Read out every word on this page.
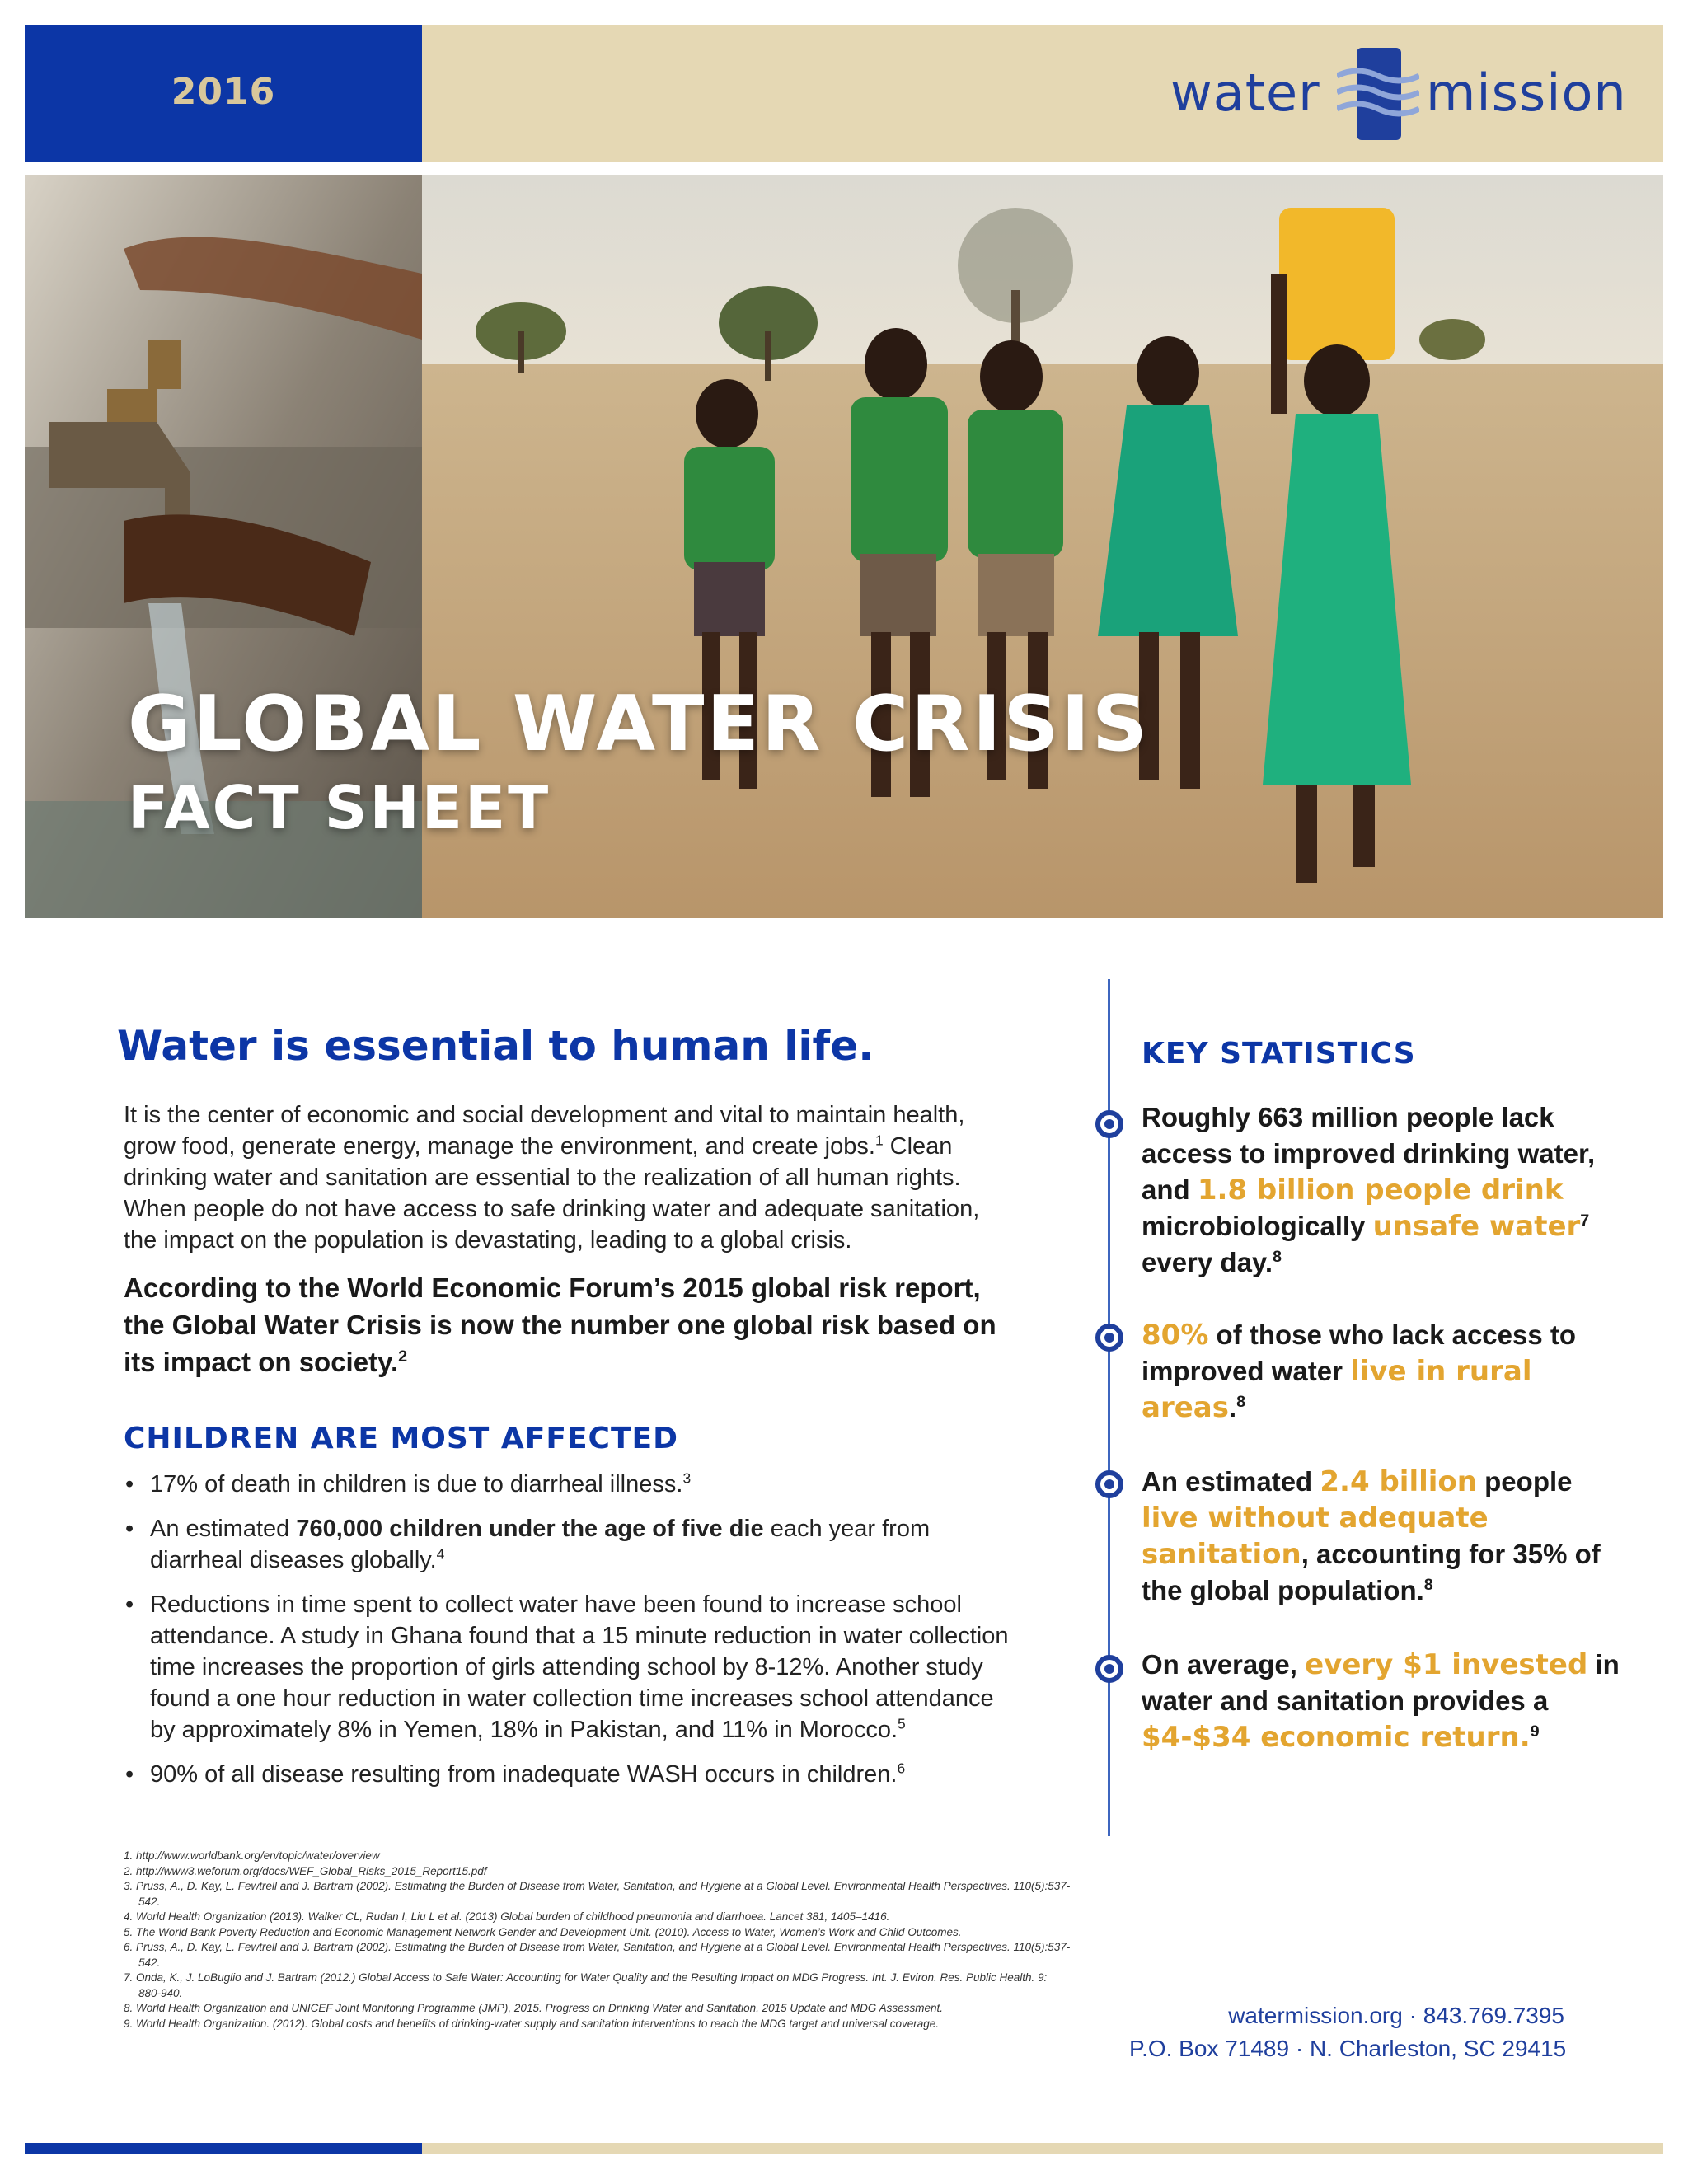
2016	water mission
GLOBAL WATER CRISIS
FACT SHEET
Water is essential to human life.
It is the center of economic and social development and vital to maintain health, grow food, generate energy, manage the environment, and create jobs.$^1$ Clean drinking water and sanitation are essential to the realization of all human rights. When people do not have access to safe drinking water and adequate sanitation, the impact on the population is devastating, leading to a global crisis.
According to the World Economic Forum’s 2015 global risk report, the Global Water Crisis is now the number one global risk based on its impact on society.$^2$
CHILDREN ARE MOST AFFECTED
• 17% of death in children is due to diarrheal illness.$^3$
• An estimated 760,000 children under the age of five die each year from diarrheal diseases globally.$^4$
• Reductions in time spent to collect water have been found to increase school attendance. A study in Ghana found that a 15 minute reduction in water collection time increases the proportion of girls attending school by 8-12%. Another study found a one hour reduction in water collection time increases school attendance by approximately 8% in Yemen, 18% in Pakistan, and 11% in Morocco.$^5$
• 90% of all disease resulting from inadequate WASH occurs in children.$^6$
1. http://www.worldbank.org/en/topic/water/overview
2. http://www3.weforum.org/docs/WEF_Global_Risks_2015_Report15.pdf
3. Pruss, A., D. Kay, L. Fewtrell and J. Bartram (2002). Estimating the Burden of Disease from Water, Sanitation, and Hygiene at a Global Level. Environmental Health Perspectives. 110(5):537-542.
4. World Health Organization (2013). Walker CL, Rudan I, Liu L et al. (2013) Global burden of childhood pneumonia and diarrhoea. Lancet 381, 1405–1416.
5. The World Bank Poverty Reduction and Economic Management Network Gender and Development Unit. (2010). Access to Water, Women’s Work and Child Outcomes.
6. Pruss, A., D. Kay, L. Fewtrell and J. Bartram (2002). Estimating the Burden of Disease from Water, Sanitation, and Hygiene at a Global Level. Environmental Health Perspectives. 110(5):537-542.
7. Onda, K., J. LoBuglio and J. Bartram (2012.) Global Access to Safe Water: Accounting for Water Quality and the Resulting Impact on MDG Progress. Int. J. Eviron. Res. Public Health. 9: 880-940.
8. World Health Organization and UNICEF Joint Monitoring Programme (JMP), 2015. Progress on Drinking Water and Sanitation, 2015 Update and MDG Assessment.
9. World Health Organization. (2012). Global costs and benefits of drinking-water supply and sanitation interventions to reach the MDG target and universal coverage.
KEY STATISTICS
Roughly 663 million people lack access to improved drinking water, and 1.8 billion people drink microbiologically unsafe water$^7$ every day.$^8$
80% of those who lack access to improved water live in rural areas.$^8$
An estimated 2.4 billion people live without adequate sanitation, accounting for 35% of the global population.$^8$
On average, every $1 invested in water and sanitation provides a $4-$34 economic return.$^9$
watermission.org · 843.769.7395
P.O. Box 71489 · N. Charleston, SC 29415
